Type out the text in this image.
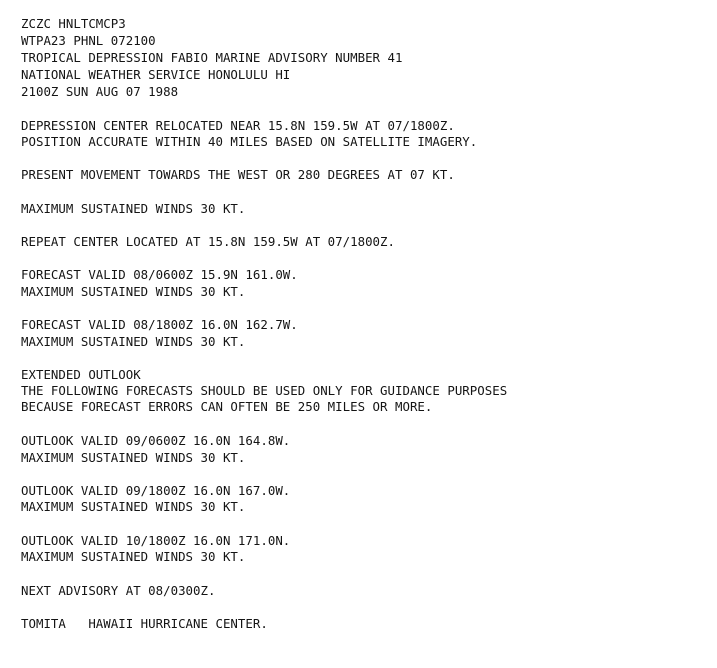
ZCZC HNLTCMCP3
WTPA23 PHNL 072100
TROPICAL DEPRESSION FABIO MARINE ADVISORY NUMBER 41
NATIONAL WEATHER SERVICE HONOLULU HI
2100Z SUN AUG 07 1988
DEPRESSION CENTER RELOCATED NEAR 15.8N 159.5W AT 07/1800Z.
POSITION ACCURATE WITHIN 40 MILES BASED ON SATELLITE IMAGERY.
PRESENT MOVEMENT TOWARDS THE WEST OR 280 DEGREES AT 07 KT.
MAXIMUM SUSTAINED WINDS 30 KT.
REPEAT CENTER LOCATED AT 15.8N 159.5W AT 07/1800Z.
FORECAST VALID 08/0600Z 15.9N 161.0W.
MAXIMUM SUSTAINED WINDS 30 KT.
FORECAST VALID 08/1800Z 16.0N 162.7W.
MAXIMUM SUSTAINED WINDS 30 KT.
EXTENDED OUTLOOK
THE FOLLOWING FORECASTS SHOULD BE USED ONLY FOR GUIDANCE PURPOSES
BECAUSE FORECAST ERRORS CAN OFTEN BE 250 MILES OR MORE.
OUTLOOK VALID 09/0600Z 16.0N 164.8W.
MAXIMUM SUSTAINED WINDS 30 KT.
OUTLOOK VALID 09/1800Z 16.0N 167.0W.
MAXIMUM SUSTAINED WINDS 30 KT.
OUTLOOK VALID 10/1800Z 16.0N 171.0N.
MAXIMUM SUSTAINED WINDS 30 KT.
NEXT ADVISORY AT 08/0300Z.
TOMITA   HAWAII HURRICANE CENTER.
